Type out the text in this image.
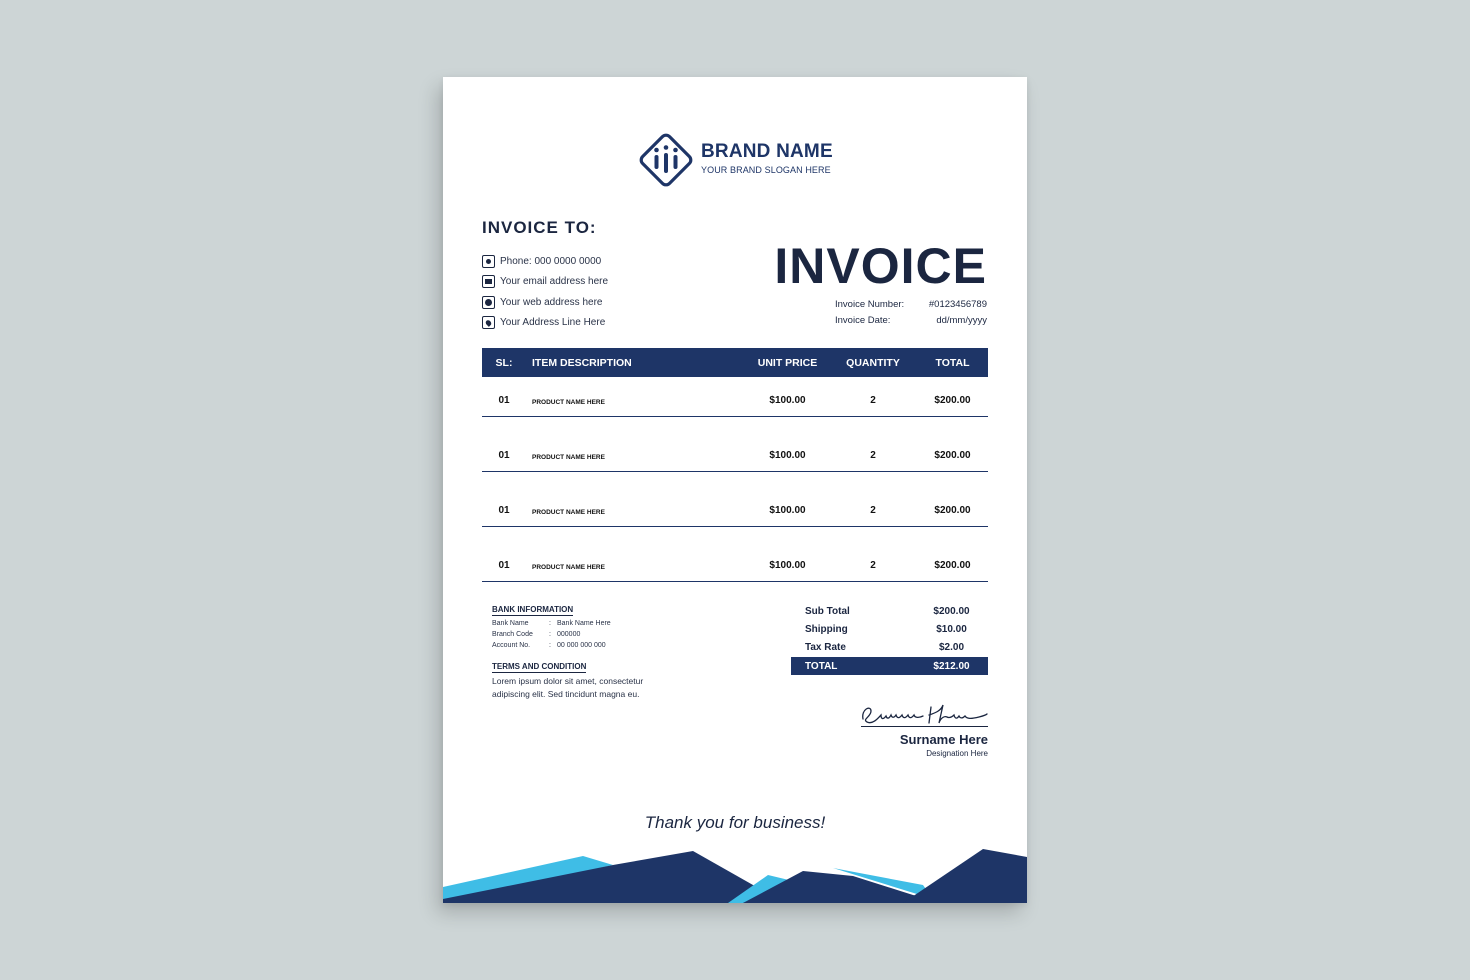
BRAND NAME
YOUR BRAND SLOGAN HERE
INVOICE TO:
Phone: 000 0000 0000
Your email address here
Your web address here
Your Address Line Here
INVOICE
Invoice Number:	#0123456789
Invoice Date:	dd/mm/yyyy
SL:	ITEM DESCRIPTION	UNIT PRICE	QUANTITY	TOTAL
01	PRODUCT NAME HERE	$100.00	2	$200.00
01	PRODUCT NAME HERE	$100.00	2	$200.00
01	PRODUCT NAME HERE	$100.00	2	$200.00
01	PRODUCT NAME HERE	$100.00	2	$200.00
BANK INFORMATION
Bank Name	: Bank Name Here
Branch Code	: 000000
Account No.	: 00 000 000 000
TERMS AND CONDITION
Lorem ipsum dolor sit amet, consectetur adipiscing elit. Sed tincidunt magna eu.
Sub Total	$200.00
Shipping	$10.00
Tax Rate	$2.00
TOTAL	$212.00
Surname Here
Designation Here
Thank you for business!
